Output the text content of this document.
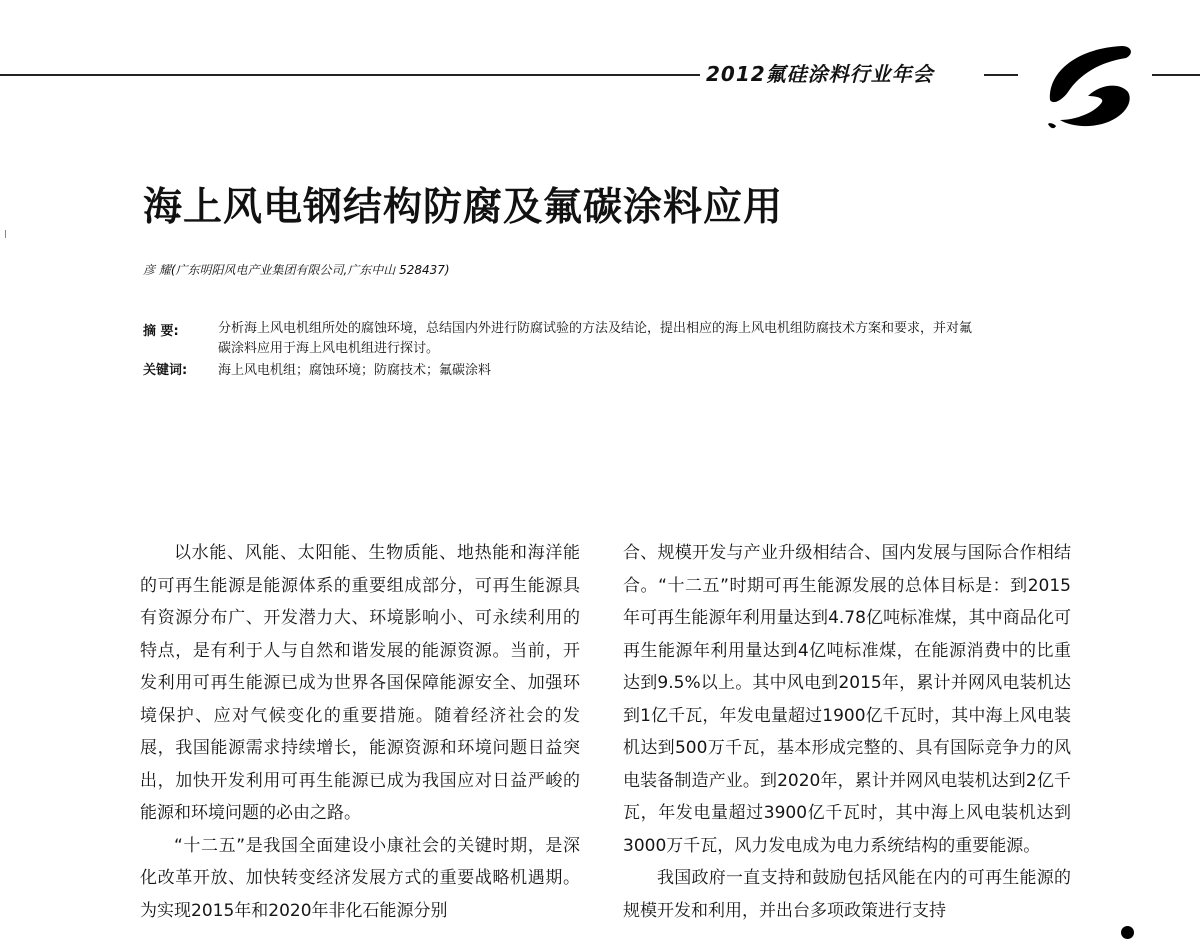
2012氟硅涂料行业年会
海上风电钢结构防腐及氟碳涂料应用
彦 耀(广东明阳风电产业集团有限公司,广东中山 528437)
摘 要:	分析海上风电机组所处的腐蚀环境，总结国内外进行防腐试验的方法及结论，提出相应的海上风电机组防腐技术方案和要求，并对氟碳涂料应用于海上风电机组进行探讨。
关键词: 海上风电机组；腐蚀环境；防腐技术；氟碳涂料

以水能、风能、太阳能、生物质能、地热能和海洋能的可再生能源是能源体系的重要组成部分，可再生能源具有资源分布广、开发潜力大、环境影响小、可永续利用的特点，是有利于人与自然和谐发展的能源资源。当前，开发利用可再生能源已成为世界各国保障能源安全、加强环境保护、应对气候变化的重要措施。随着经济社会的发展，我国能源需求持续增长，能源资源和环境问题日益突出，加快开发利用可再生能源已成为我国应对日益严峻的能源和环境问题的必由之路。

“十二五”是我国全面建设小康社会的关键时期，是深化改革开放、加快转变经济发展方式的重要战略机遇期。为实现2015年和2020年非化石能源分别

合、规模开发与产业升级相结合、国内发展与国际合作相结合。“十二五”时期可再生能源发展的总体目标是：到2015年可再生能源年利用量达到4.78亿吨标准煤，其中商品化可再生能源年利用量达到4亿吨标准煤，在能源消费中的比重达到9.5%以上。其中风电到2015年，累计并网风电装机达到1亿千瓦，年发电量超过1900亿千瓦时，其中海上风电装机达到500万千瓦，基本形成完整的、具有国际竞争力的风电装备制造产业。到2020年，累计并网风电装机达到2亿千瓦，年发电量超过3900亿千瓦时，其中海上风电装机达到3000万千瓦，风力发电成为电力系统结构的重要能源。

我国政府一直支持和鼓励包括风能在内的可再生能源的规模开发和利用，并出台多项政策进行支持
